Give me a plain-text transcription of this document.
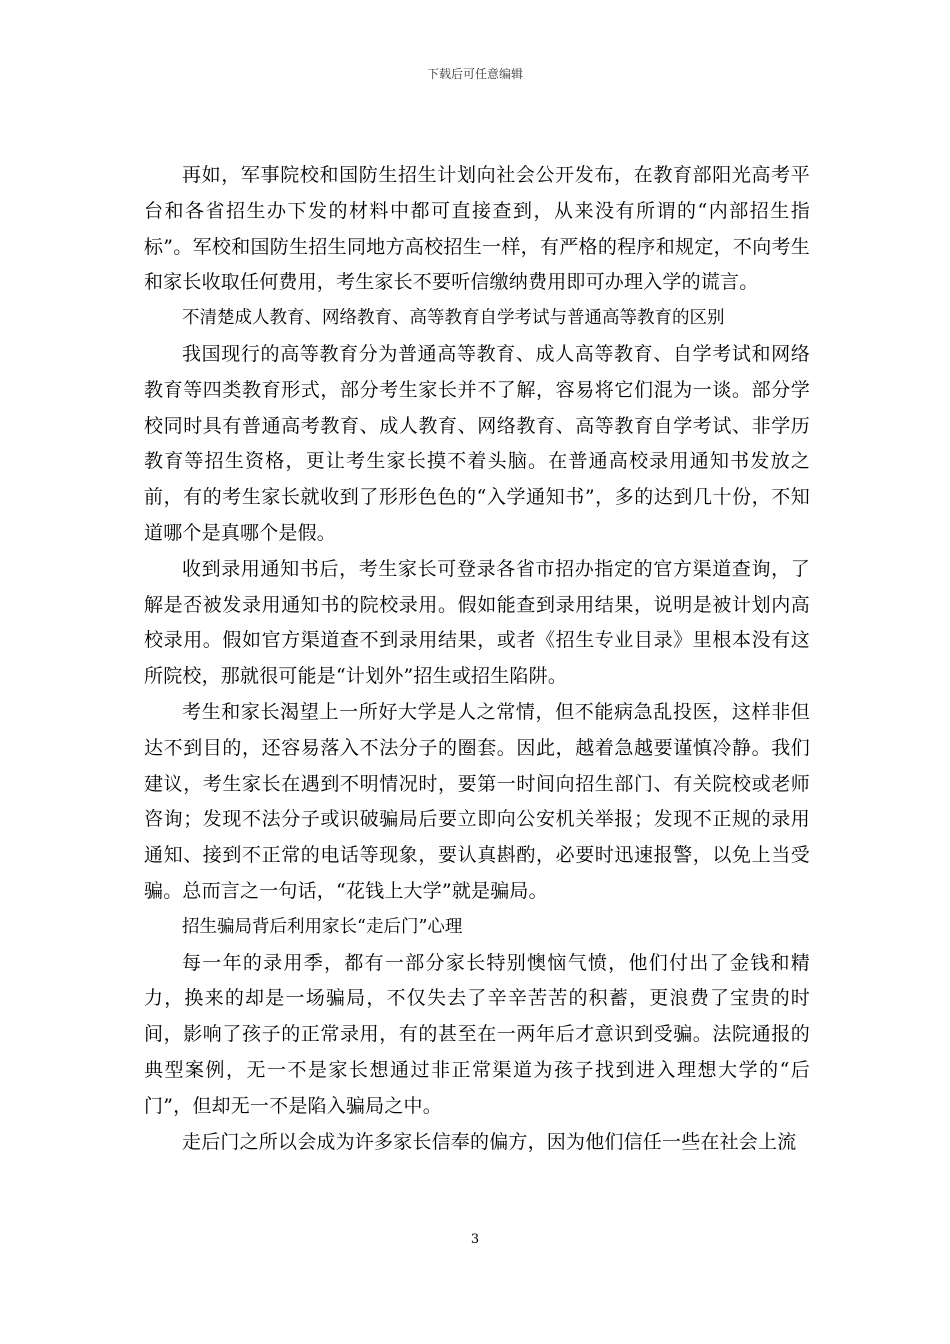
下载后可任意编辑

再如，军事院校和国防生招生计划向社会公开发布，在教育部阳光高考平台和各省招生办下发的材料中都可直接查到，从来没有所谓的“内部招生指标”。军校和国防生招生同地方高校招生一样，有严格的程序和规定，不向考生和家长收取任何费用，考生家长不要听信缴纳费用即可办理入学的谎言。

不清楚成人教育、网络教育、高等教育自学考试与普通高等教育的区别

我国现行的高等教育分为普通高等教育、成人高等教育、自学考试和网络教育等四类教育形式，部分考生家长并不了解，容易将它们混为一谈。部分学校同时具有普通高考教育、成人教育、网络教育、高等教育自学考试、非学历教育等招生资格，更让考生家长摸不着头脑。在普通高校录用通知书发放之前，有的考生家长就收到了形形色色的“入学通知书”，多的达到几十份，不知道哪个是真哪个是假。

收到录用通知书后，考生家长可登录各省市招办指定的官方渠道查询，了解是否被发录用通知书的院校录用。假如能查到录用结果，说明是被计划内高校录用。假如官方渠道查不到录用结果，或者《招生专业目录》里根本没有这所院校，那就很可能是“计划外”招生或招生陷阱。

考生和家长渴望上一所好大学是人之常情，但不能病急乱投医，这样非但达不到目的，还容易落入不法分子的圈套。因此，越着急越要谨慎冷静。我们建议，考生家长在遇到不明情况时，要第一时间向招生部门、有关院校或老师咨询；发现不法分子或识破骗局后要立即向公安机关举报；发现不正规的录用通知、接到不正常的电话等现象，要认真斟酌，必要时迅速报警，以免上当受骗。总而言之一句话，“花钱上大学”就是骗局。

招生骗局背后利用家长“走后门”心理

每一年的录用季，都有一部分家长特别懊恼气愤，他们付出了金钱和精力，换来的却是一场骗局，不仅失去了辛辛苦苦的积蓄，更浪费了宝贵的时间，影响了孩子的正常录用，有的甚至在一两年后才意识到受骗。法院通报的典型案例，无一不是家长想通过非正常渠道为孩子找到进入理想大学的“后门”，但却无一不是陷入骗局之中。

走后门之所以会成为许多家长信奉的偏方，因为他们信任一些在社会上流

3
